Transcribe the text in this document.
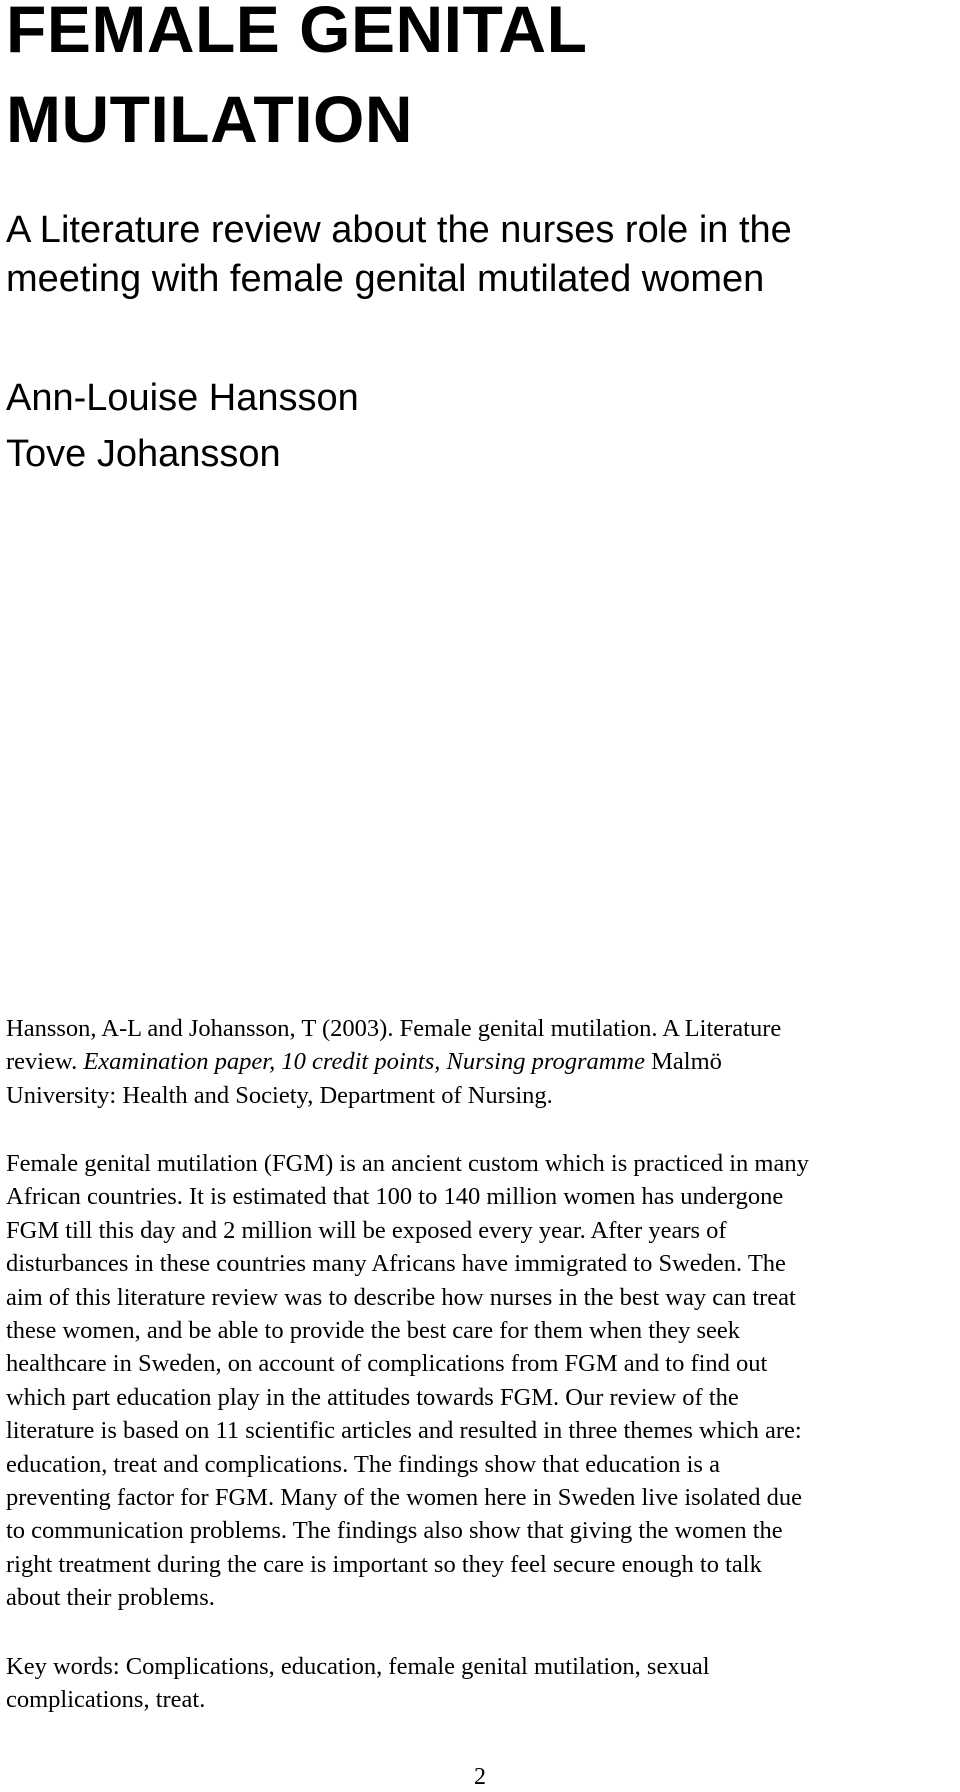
FEMALE GENITAL
MUTILATION
A Literature review about the nurses role in the
meeting with female genital mutilated women
Ann-Louise Hansson
Tove Johansson

Hansson, A-L and Johansson, T (2003). Female genital mutilation. A Literature
review. Examination paper, 10 credit points, Nursing programme Malmö
University: Health and Society, Department of Nursing.

Female genital mutilation (FGM) is an ancient custom which is practiced in many
African countries. It is estimated that 100 to 140 million women has undergone
FGM till this day and 2 million will be exposed every year. After years of
disturbances in these countries many Africans have immigrated to Sweden. The
aim of this literature review was to describe how nurses in the best way can treat
these women, and be able to provide the best care for them when they seek
healthcare in Sweden, on account of complications from FGM and to find out
which part education play in the attitudes towards FGM. Our review of the
literature is based on 11 scientific articles and resulted in three themes which are:
education, treat and complications. The findings show that education is a
preventing factor for FGM. Many of the women here in Sweden live isolated due
to communication problems. The findings also show that giving the women the
right treatment during the care is important so they feel secure enough to talk
about their problems.

Key words: Complications, education, female genital mutilation, sexual
complications, treat.

2
